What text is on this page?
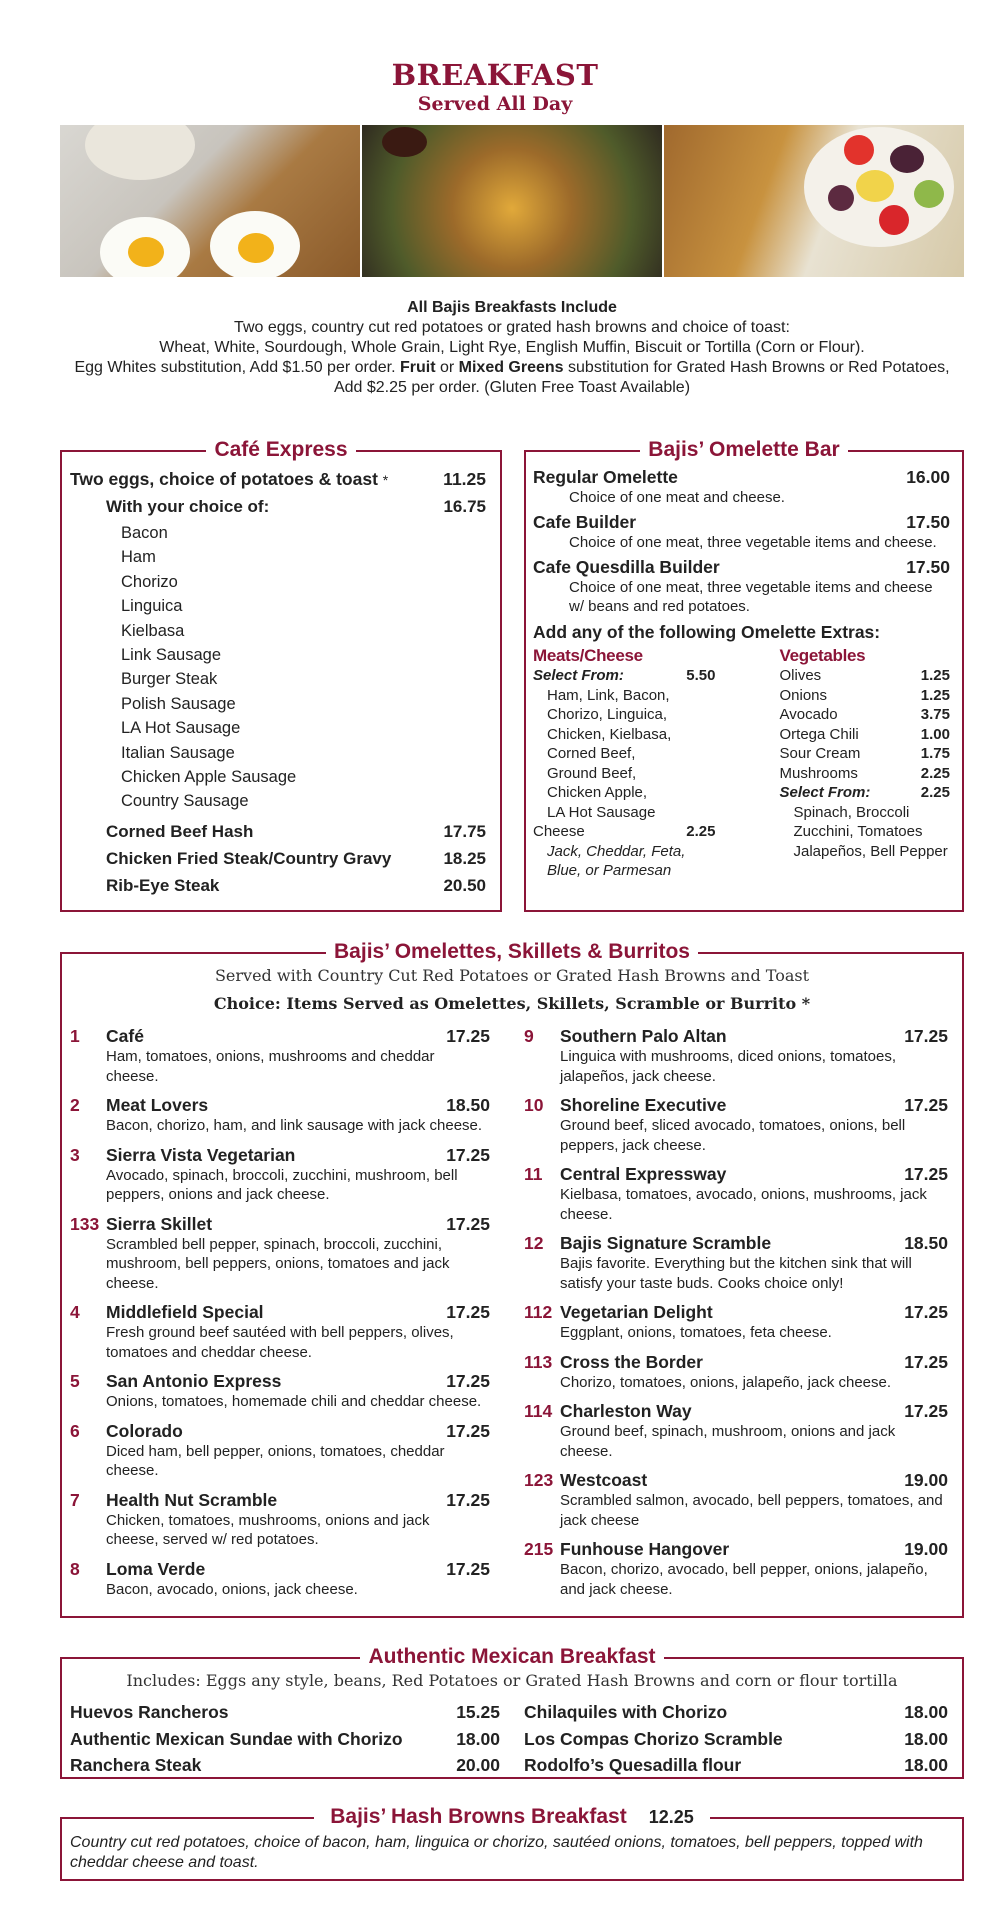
BREAKFAST
Served All Day
All Bajis Breakfasts Include
Two eggs, country cut red potatoes or grated hash browns and choice of toast:
Wheat, White, Sourdough, Whole Grain, Light Rye, English Muffin, Biscuit or Tortilla (Corn or Flour).
Egg Whites substitution, Add $1.50 per order. Fruit or Mixed Greens substitution for Grated Hash Browns or Red Potatoes, Add $2.25 per order. (Gluten Free Toast Available)
Café Express
Two eggs, choice of potatoes & toast *	11.25
With your choice of:	16.75
Bacon
Ham
Chorizo
Linguica
Kielbasa
Link Sausage
Burger Steak
Polish Sausage
LA Hot Sausage
Italian Sausage
Chicken Apple Sausage
Country Sausage
Corned Beef Hash	17.75
Chicken Fried Steak/Country Gravy	18.25
Rib-Eye Steak	20.50
Bajis’ Omelette Bar
Regular Omelette	16.00
Choice of one meat and cheese.
Cafe Builder	17.50
Choice of one meat, three vegetable items and cheese.
Cafe Quesdilla Builder	17.50
Choice of one meat, three vegetable items and cheese w/ beans and red potatoes.
Add any of the following Omelette Extras:
Meats/Cheese
Select From:	5.50
Ham, Link, Bacon,
Chorizo, Linguica,
Chicken, Kielbasa,
Corned Beef,
Ground Beef,
Chicken Apple,
LA Hot Sausage
Cheese	2.25
Jack, Cheddar, Feta,
Blue, or Parmesan
Vegetables
Olives	1.25
Onions	1.25
Avocado	3.75
Ortega Chili	1.00
Sour Cream	1.75
Mushrooms	2.25
Select From:	2.25
Spinach, Broccoli
Zucchini, Tomatoes
Jalapeños, Bell Pepper
Bajis’ Omelettes, Skillets & Burritos
Served with Country Cut Red Potatoes or Grated Hash Browns and Toast
Choice: Items Served as Omelettes, Skillets, Scramble or Burrito *
1	Café	17.25
Ham, tomatoes, onions, mushrooms and cheddar cheese.
2	Meat Lovers	18.50
Bacon, chorizo, ham, and link sausage with jack cheese.
3	Sierra Vista Vegetarian	17.25
Avocado, spinach, broccoli, zucchini, mushroom, bell peppers, onions and jack cheese.
133 Sierra Skillet	17.25
Scrambled bell pepper, spinach, broccoli, zucchini, mushroom, bell peppers, onions, tomatoes and jack cheese.
4	Middlefield Special	17.25
Fresh ground beef sautéed with bell peppers, olives, tomatoes and cheddar cheese.
5	San Antonio Express	17.25
Onions, tomatoes, homemade chili and cheddar cheese.
6	Colorado	17.25
Diced ham, bell pepper, onions, tomatoes, cheddar cheese.
7	Health Nut Scramble	17.25
Chicken, tomatoes, mushrooms, onions and jack cheese, served w/ red potatoes.
8	Loma Verde	17.25
Bacon, avocado, onions, jack cheese.
9	Southern Palo Altan	17.25
Linguica with mushrooms, diced onions, tomatoes, jalapeños, jack cheese.
10 Shoreline Executive	17.25
Ground beef, sliced avocado, tomatoes, onions, bell peppers, jack cheese.
11	Central Expressway	17.25
Kielbasa, tomatoes, avocado, onions, mushrooms, jack cheese.
12 Bajis Signature Scramble	18.50
Bajis favorite. Everything but the kitchen sink that will satisfy your taste buds. Cooks choice only!
112 Vegetarian Delight	17.25
Eggplant, onions, tomatoes, feta cheese.
113 Cross the Border	17.25
Chorizo, tomatoes, onions, jalapeño, jack cheese.
114 Charleston Way	17.25
Ground beef, spinach, mushroom, onions and jack cheese.
123 Westcoast	19.00
Scrambled salmon, avocado, bell peppers, tomatoes, and jack cheese
215 Funhouse Hangover	19.00
Bacon, chorizo, avocado, bell pepper, onions, jalapeño, and jack cheese.
Authentic Mexican Breakfast
Includes: Eggs any style, beans, Red Potatoes or Grated Hash Browns and corn or flour tortilla
Huevos Rancheros	15.25
Authentic Mexican Sundae with Chorizo	18.00
Ranchera Steak	20.00
Chilaquiles with Chorizo	18.00
Los Compas Chorizo Scramble	18.00
Rodolfo’s Quesadilla flour	18.00
Bajis’ Hash Browns Breakfast 12.25
Country cut red potatoes, choice of bacon, ham, linguica or chorizo, sautéed onions, tomatoes, bell peppers, topped with cheddar cheese and toast.
